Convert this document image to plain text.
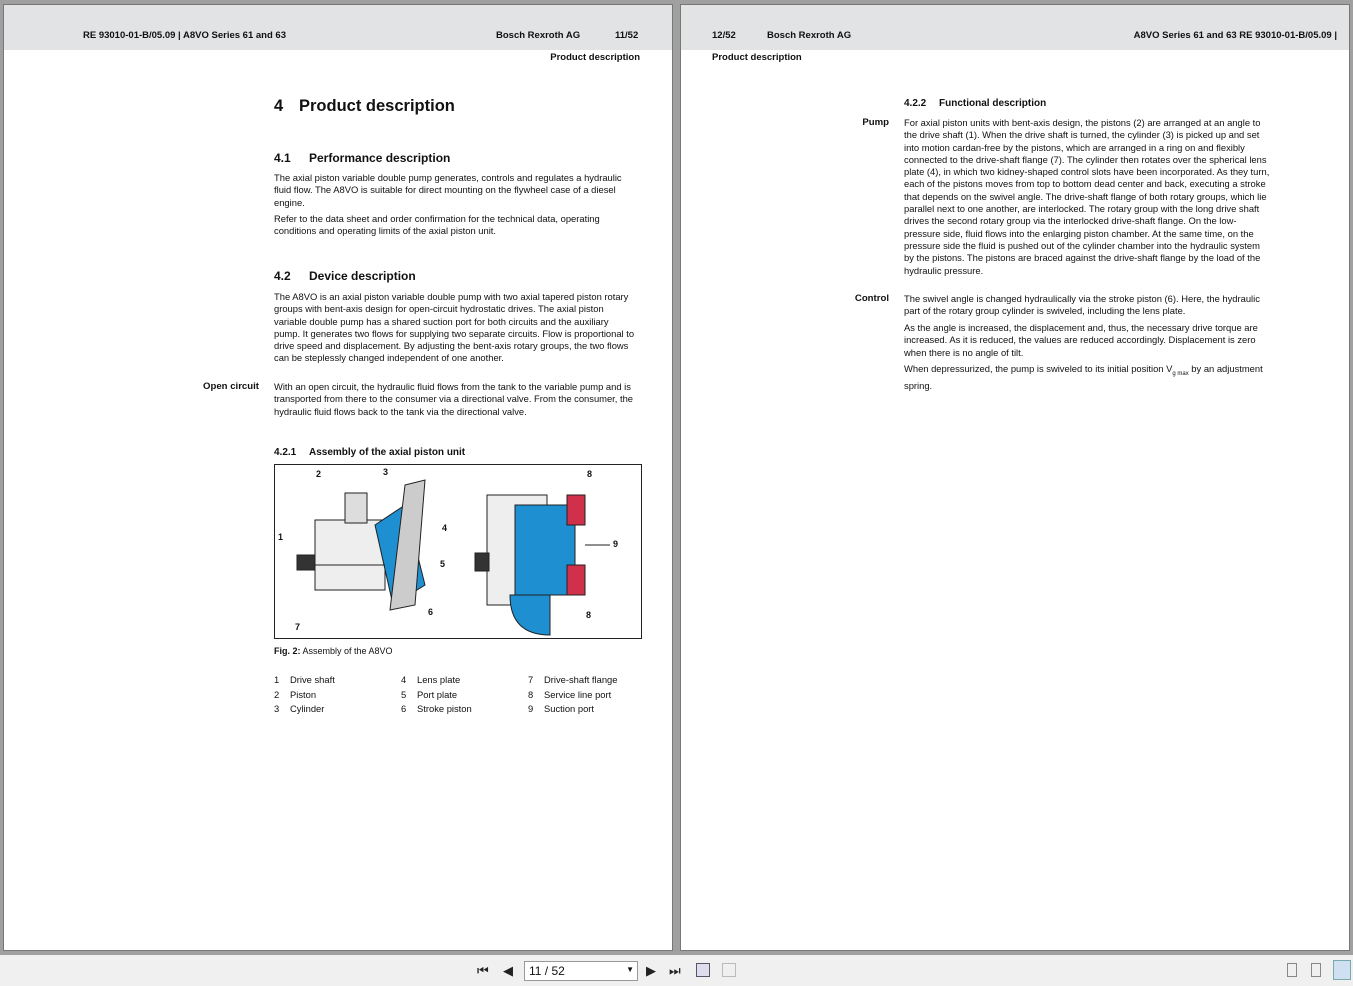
RE 93010-01-B/05.09 | A8VO Series 61 and 63	Bosch Rexroth AG	11/52
Product description
4 Product description
4.1 Performance description
The axial piston variable double pump generates, controls and regulates a hydraulic fluid flow. The A8VO is suitable for direct mounting on the flywheel case of a diesel engine.
Refer to the data sheet and order confirmation for the technical data, operating conditions and operating limits of the axial piston unit.
4.2 Device description
The A8VO is an axial piston variable double pump with two axial tapered piston rotary groups with bent-axis design for open-circuit hydrostatic drives. The axial piston variable double pump has a shared suction port for both circuits and the auxiliary pump. It generates two flows for supplying two separate circuits. Flow is proportional to drive speed and displacement. By adjusting the bent-axis rotary groups, the two flows can be steplessly changed independent of one another.
Open circuit With an open circuit, the hydraulic fluid flows from the tank to the variable pump and is transported from there to the consumer via a directional valve. From the consumer, the hydraulic fluid flows back to the tank via the directional valve.
4.2.1 Assembly of the axial piston unit
1
2	3
4
5
6
7
8
9
8
Fig. 2: Assembly of the A8VO
1 Drive shaft	4 Lens plate	7 Drive-shaft flange
2 Piston	5 Port plate	8 Service line port
3 Cylinder	6 Stroke piston	9 Suction port
12/52	Bosch Rexroth AG	A8VO Series 61 and 63 RE 93010-01-B/05.09 |
Product description
4.2.2 Functional description
Pump For axial piston units with bent-axis design, the pistons (2) are arranged at an angle to the drive shaft (1). When the drive shaft is turned, the cylinder (3) is picked up and set into motion cardan-free by the pistons, which are arranged in a ring on and flexibly connected to the drive-shaft flange (7). The cylinder then rotates over the spherical lens plate (4), in which two kidney-shaped control slots have been incorporated. As they turn, each of the pistons moves from top to bottom dead center and back, executing a stroke that depends on the swivel angle. The drive-shaft flange of both rotary groups, which lie parallel next to one another, are interlocked. The rotary group with the long drive shaft drives the second rotary group via the interlocked drive-shaft flange. On the low-pressure side, fluid flows into the enlarging piston chamber. At the same time, on the pressure side the fluid is pushed out of the cylinder chamber into the hydraulic system by the pistons. The pistons are braced against the drive-shaft flange by the load of the hydraulic pressure.
Control The swivel angle is changed hydraulically via the stroke piston (6). Here, the hydraulic part of the rotary group cylinder is swiveled, including the lens plate.
As the angle is increased, the displacement and, thus, the necessary drive torque are increased. As it is reduced, the values are reduced accordingly. Displacement is zero when there is no angle of tilt.
When depressurized, the pump is swiveled to its initial position $V_{g max}$ by an adjustment spring.
⏮ ◀	11 / 52	▼ ▶ ⏭
